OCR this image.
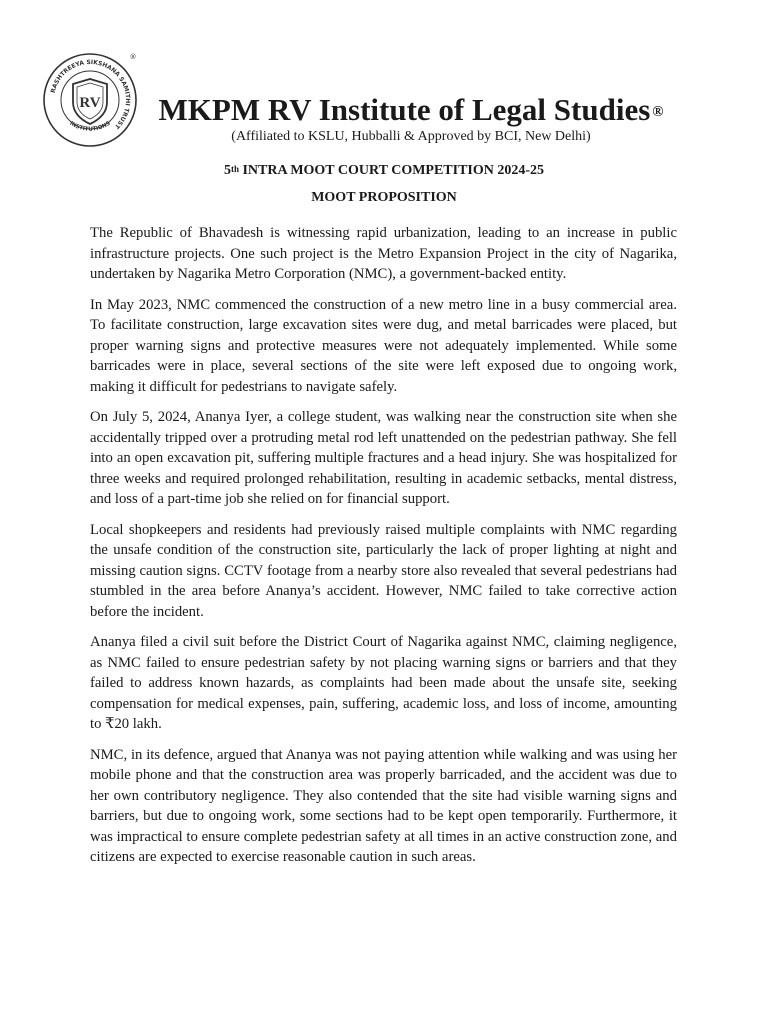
RASHTREEYA SIKSHANA SAMITHI TRUST
INSTITUTIONS
RV
®
MKPM RV Institute of Legal Studies ®

(Affiliated to KSLU, Hubballi & Approved by BCI, New Delhi)

5th INTRA MOOT COURT COMPETITION 2024-25
MOOT PROPOSITION

The Republic of Bhavadesh is witnessing rapid urbanization, leading to an increase in public infrastructure projects. One such project is the Metro Expansion Project in the city of Nagarika, undertaken by Nagarika Metro Corporation (NMC), a government-backed entity.

In May 2023, NMC commenced the construction of a new metro line in a busy commercial area. To facilitate construction, large excavation sites were dug, and metal barricades were placed, but proper warning signs and protective measures were not adequately implemented. While some barricades were in place, several sections of the site were left exposed due to ongoing work, making it difficult for pedestrians to navigate safely.

On July 5, 2024, Ananya Iyer, a college student, was walking near the construction site when she accidentally tripped over a protruding metal rod left unattended on the pedestrian pathway. She fell into an open excavation pit, suffering multiple fractures and a head injury. She was hospitalized for three weeks and required prolonged rehabilitation, resulting in academic setbacks, mental distress, and loss of a part-time job she relied on for financial support.

Local shopkeepers and residents had previously raised multiple complaints with NMC regarding the unsafe condition of the construction site, particularly the lack of proper lighting at night and missing caution signs. CCTV footage from a nearby store also revealed that several pedestrians had stumbled in the area before Ananya’s accident. However, NMC failed to take corrective action before the incident.

Ananya filed a civil suit before the District Court of Nagarika against NMC, claiming negligence, as NMC failed to ensure pedestrian safety by not placing warning signs or barriers and that they failed to address known hazards, as complaints had been made about the unsafe site, seeking compensation for medical expenses, pain, suffering, academic loss, and loss of income, amounting to ₹20 lakh.

NMC, in its defence, argued that Ananya was not paying attention while walking and was using her mobile phone and that the construction area was properly barricaded, and the accident was due to her own contributory negligence. They also contended that the site had visible warning signs and barriers, but due to ongoing work, some sections had to be kept open temporarily. Furthermore, it was impractical to ensure complete pedestrian safety at all times in an active construction zone, and citizens are expected to exercise reasonable caution in such areas.
